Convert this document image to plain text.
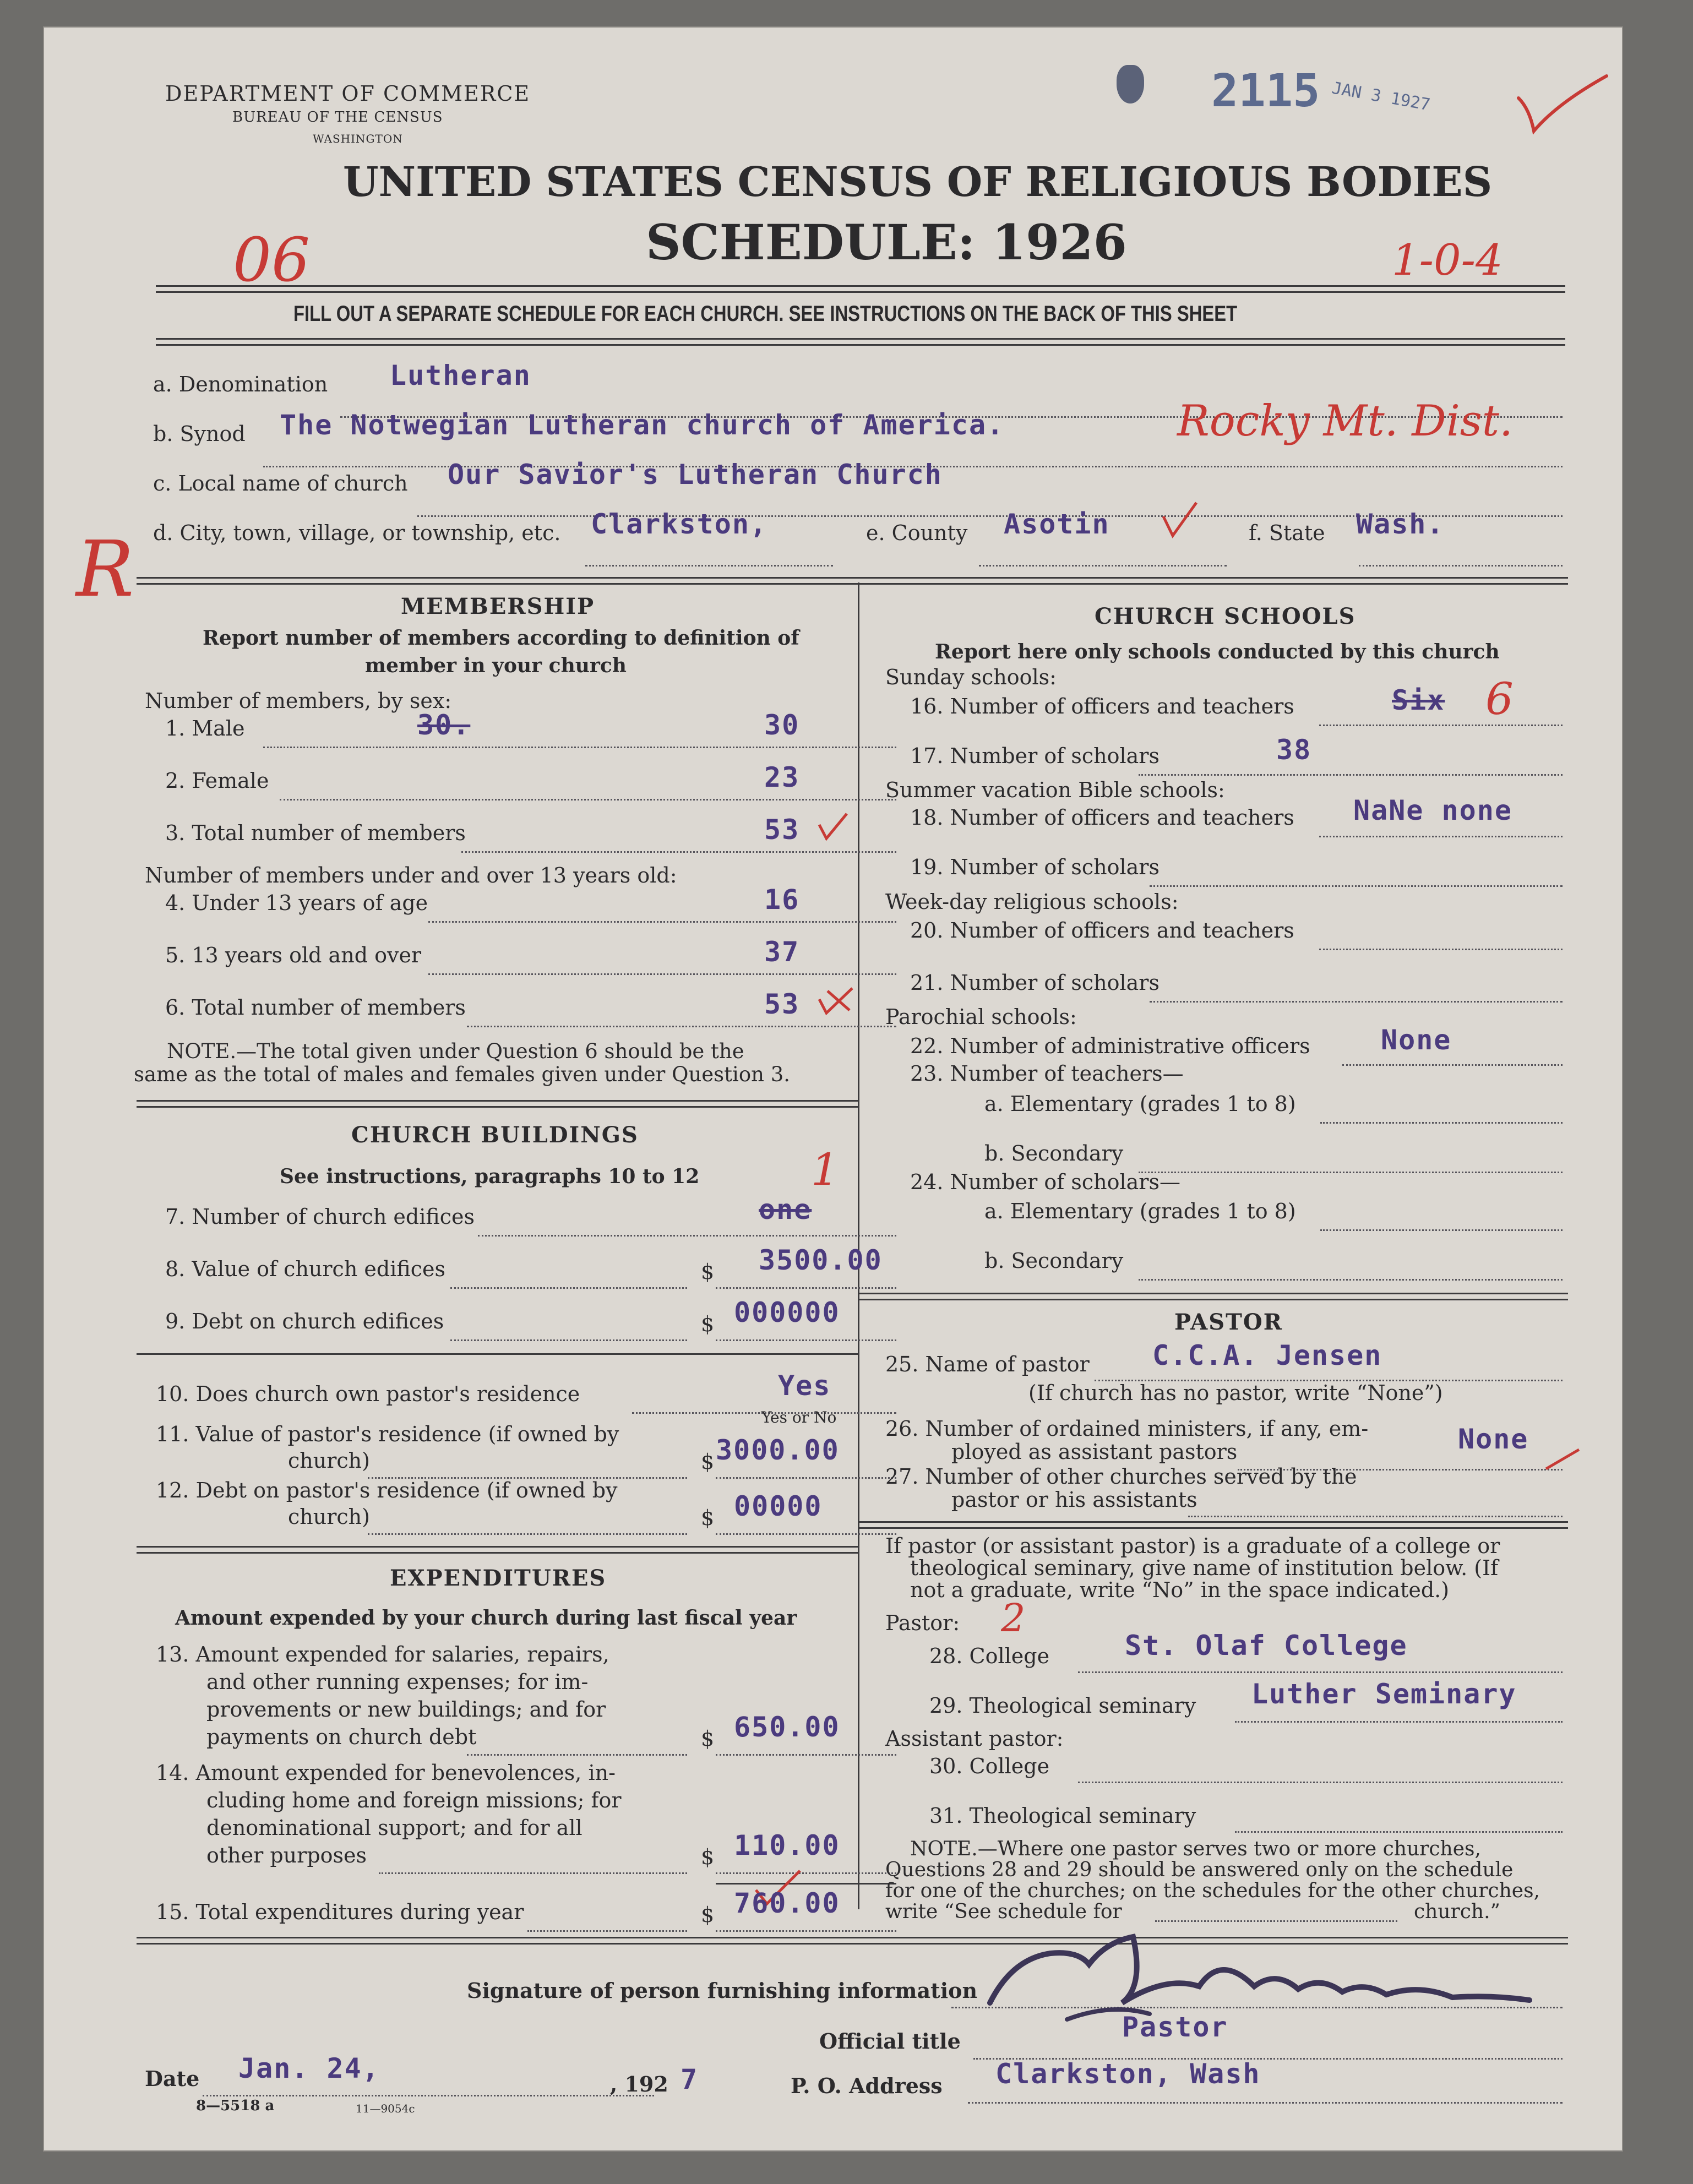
DEPARTMENT OF COMMERCE
BUREAU OF THE CENSUS
WASHINGTON
2115 JAN 3 1927
UNITED STATES CENSUS OF RELIGIOUS BODIES
SCHEDULE: 1926
06	1-0-4
FILL OUT A SEPARATE SCHEDULE FOR EACH CHURCH. SEE INSTRUCTIONS ON THE BACK OF THIS SHEET
R
a. Denomination Lutheran
b. Synod The Notwegian Lutheran church of America.	Rocky Mt. Dist.
c. Local name of church Our Savior's Lutheran Church
d. City, town, village, or township, etc. Clarkston,	e. County Asotin	f. State Wash.
MEMBERSHIP
Report number of members according to definition of
member in your church
Number of members, by sex:
1. Male	30.	30
2. Female	23
3. Total number of members	53
Number of members under and over 13 years old:
4. Under 13 years of age	16
5. 13 years old and over	37
6. Total number of members	53
NOTE.—The total given under Question 6 should be the
same as the total of males and females given under Question 3.
CHURCH BUILDINGS
See instructions, paragraphs 10 to 12	1
7. Number of church edifices	one
8. Value of church edifices	$ 3500.00
9. Debt on church edifices	$ 000000
10. Does church own pastor's residence	Yes
Yes or No
11. Value of pastor's residence (if owned by
church)	$ 3000.00
12. Debt on pastor's residence (if owned by
church)	$ 00000
EXPENDITURES
Amount expended by your church during last fiscal year
13. Amount expended for salaries, repairs,
and other running expenses; for im-
provements or new buildings; and for
payments on church debt	$ 650.00
14. Amount expended for benevolences, in-
cluding home and foreign missions; for
denominational support; and for all
other purposes	$ 110.00
15. Total expenditures during year	$ 760.00
CHURCH SCHOOLS
Report here only schools conducted by this church
Sunday schools:
16. Number of officers and teachers	Six 6
17. Number of scholars	38
Summer vacation Bible schools:
18. Number of officers and teachers NaNe none
19. Number of scholars
Week-day religious schools:
20. Number of officers and teachers
21. Number of scholars
Parochial schools:
22. Number of administrative officers	None
23. Number of teachers—
a. Elementary (grades 1 to 8)
b. Secondary
24. Number of scholars—
a. Elementary (grades 1 to 8)
b. Secondary
PASTOR
25. Name of pastor C.C.A. Jensen
(If church has no pastor, write “None”)
26. Number of ordained ministers, if any, em-
ployed as assistant pastors	None
27. Number of other churches served by the
pastor or his assistants
If pastor (or assistant pastor) is a graduate of a college or
theological seminary, give name of institution below. (If
not a graduate, write “No” in the space indicated.)
Pastor: 2
28. College	St. Olaf College
29. Theological seminary Luther Seminary
Assistant pastor:
30. College
31. Theological seminary
NOTE.—Where one pastor serves two or more churches,
Questions 28 and 29 should be answered only on the schedule
for one of the churches; on the schedules for the other churches,
write “See schedule for	church.”
Signature of person furnishing information
Official title	Pastor
Date Jan. 24,	, 192 7	P. O. Address Clarkston, Wash
8—5518 a	11—9054c
